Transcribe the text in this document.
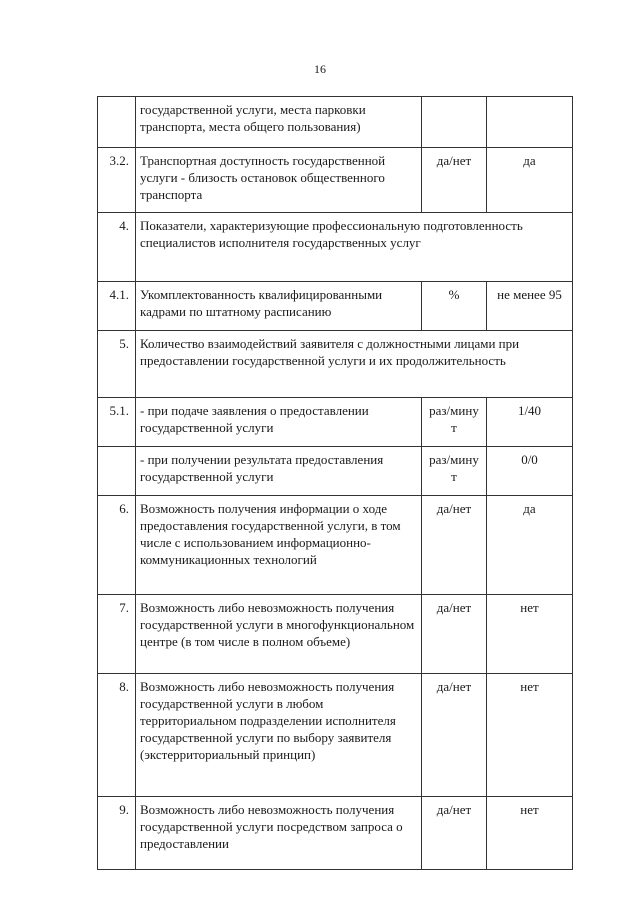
16
	государственной услуги, места парковки транспорта, места общего пользования)		
3.2.	Транспортная доступность государственной услуги - близость остановок общественного транспорта	да/нет	да
4.	Показатели, характеризующие профессиональную подготовленность специалистов исполнителя государственных услуг		
4.1.	Укомплектованность квалифицированными кадрами по штатному расписанию	%	не менее 95
5.	Количество взаимодействий заявителя с должностными лицами при предоставлении государственной услуги и их продолжительность		
5.1.	- при подаче заявления о предоставлении государственной услуги	раз/мину т	1/40
	- при получении результата предоставления государственной услуги	раз/мину т	0/0
6.	Возможность получения информации о ходе предоставления государственной услуги, в том числе с использованием информационно-коммуникационных технологий	да/нет	да
7.	Возможность либо невозможность получения государственной услуги в многофункциональном центре (в том числе в полном объеме)	да/нет	нет
8.	Возможность либо невозможность получения государственной услуги в любом территориальном подразделении исполнителя государственной услуги по выбору заявителя (экстерриториальный принцип)	да/нет	нет
9.	Возможность либо невозможность получения государственной услуги посредством запроса о предоставлении	да/нет	нет
